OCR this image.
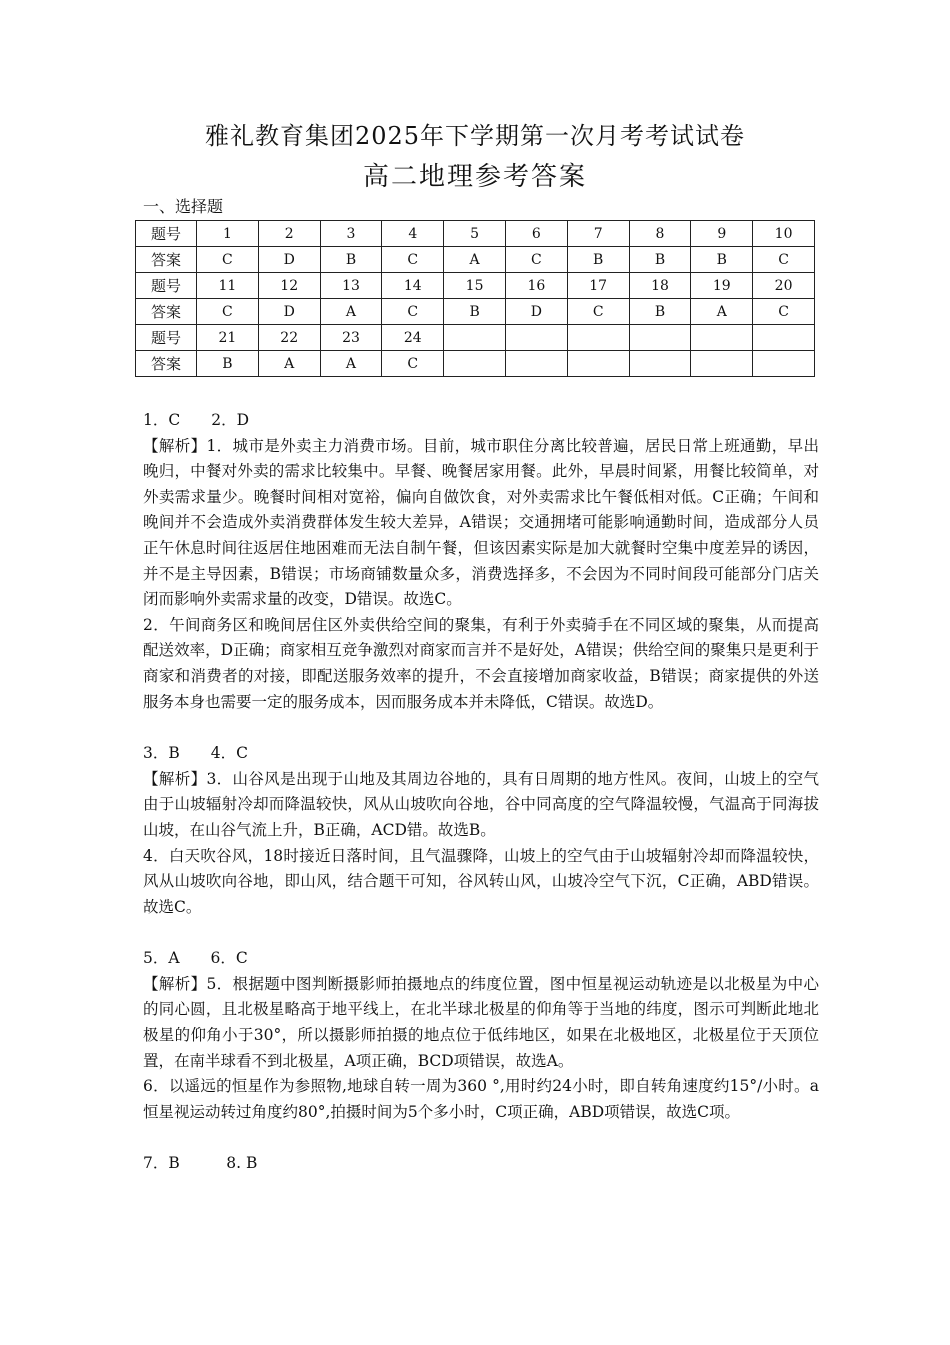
雅礼教育集团2025年下学期第一次月考考试试卷
高二地理参考答案
一、选择题
题号	1	2	3	4	5	6	7	8	9	10
答案	C	D	B	C	A	C	B	B	B	C
题号	11	12	13	14	15	16	17	18	19	20
答案	C	D	A	C	B	D	C	B	A	C
题号	21	22	23	24						
答案	B	A	A	C						

1．C　　2．D

【解析】1．城市是外卖主力消费市场。目前，城市职住分离比较普遍，居民日常上班通勤，早出晚归，中餐对外卖的需求比较集中。早餐、晚餐居家用餐。此外，早晨时间紧，用餐比较简单，对外卖需求量少。晚餐时间相对宽裕，偏向自做饮食，对外卖需求比午餐低相对低。C正确；午间和晚间并不会造成外卖消费群体发生较大差异，A错误；交通拥堵可能影响通勤时间，造成部分人员正午休息时间往返居住地困难而无法自制午餐，但该因素实际是加大就餐时空集中度差异的诱因，并不是主导因素，B错误；市场商铺数量众多，消费选择多，不会因为不同时间段可能部分门店关闭而影响外卖需求量的改变，D错误。故选C。

2．午间商务区和晚间居住区外卖供给空间的聚集，有利于外卖骑手在不同区域的聚集，从而提高配送效率，D正确；商家相互竞争激烈对商家而言并不是好处，A错误；供给空间的聚集只是更利于商家和消费者的对接，即配送服务效率的提升，不会直接增加商家收益，B错误；商家提供的外送服务本身也需要一定的服务成本，因而服务成本并未降低，C错误。故选D。

3．B　　4．C

【解析】3．山谷风是出现于山地及其周边谷地的，具有日周期的地方性风。夜间，山坡上的空气由于山坡辐射冷却而降温较快，风从山坡吹向谷地，谷中同高度的空气降温较慢，气温高于同海拔山坡，在山谷气流上升，B正确，ACD错。故选B。

4．白天吹谷风，18时接近日落时间，且气温骤降，山坡上的空气由于山坡辐射冷却而降温较快，风从山坡吹向谷地，即山风，结合题干可知，谷风转山风，山坡冷空气下沉，C正确，ABD错误。故选C。

5．A　　6．C

【解析】5．根据题中图判断摄影师拍摄地点的纬度位置，图中恒星视运动轨迹是以北极星为中心的同心圆，且北极星略高于地平线上，在北半球北极星的仰角等于当地的纬度，图示可判断此地北极星的仰角小于30°，所以摄影师拍摄的地点位于低纬地区，如果在北极地区，北极星位于天顶位置，在南半球看不到北极星，A项正确，BCD项错误，故选A。

6．以遥远的恒星作为参照物,地球自转一周为360 °,用时约24小时，即自转角速度约15°/小时。a恒星视运动转过角度约80°,拍摄时间为5个多小时，C项正确，ABD项错误，故选C项。

7．B　　　8. B
